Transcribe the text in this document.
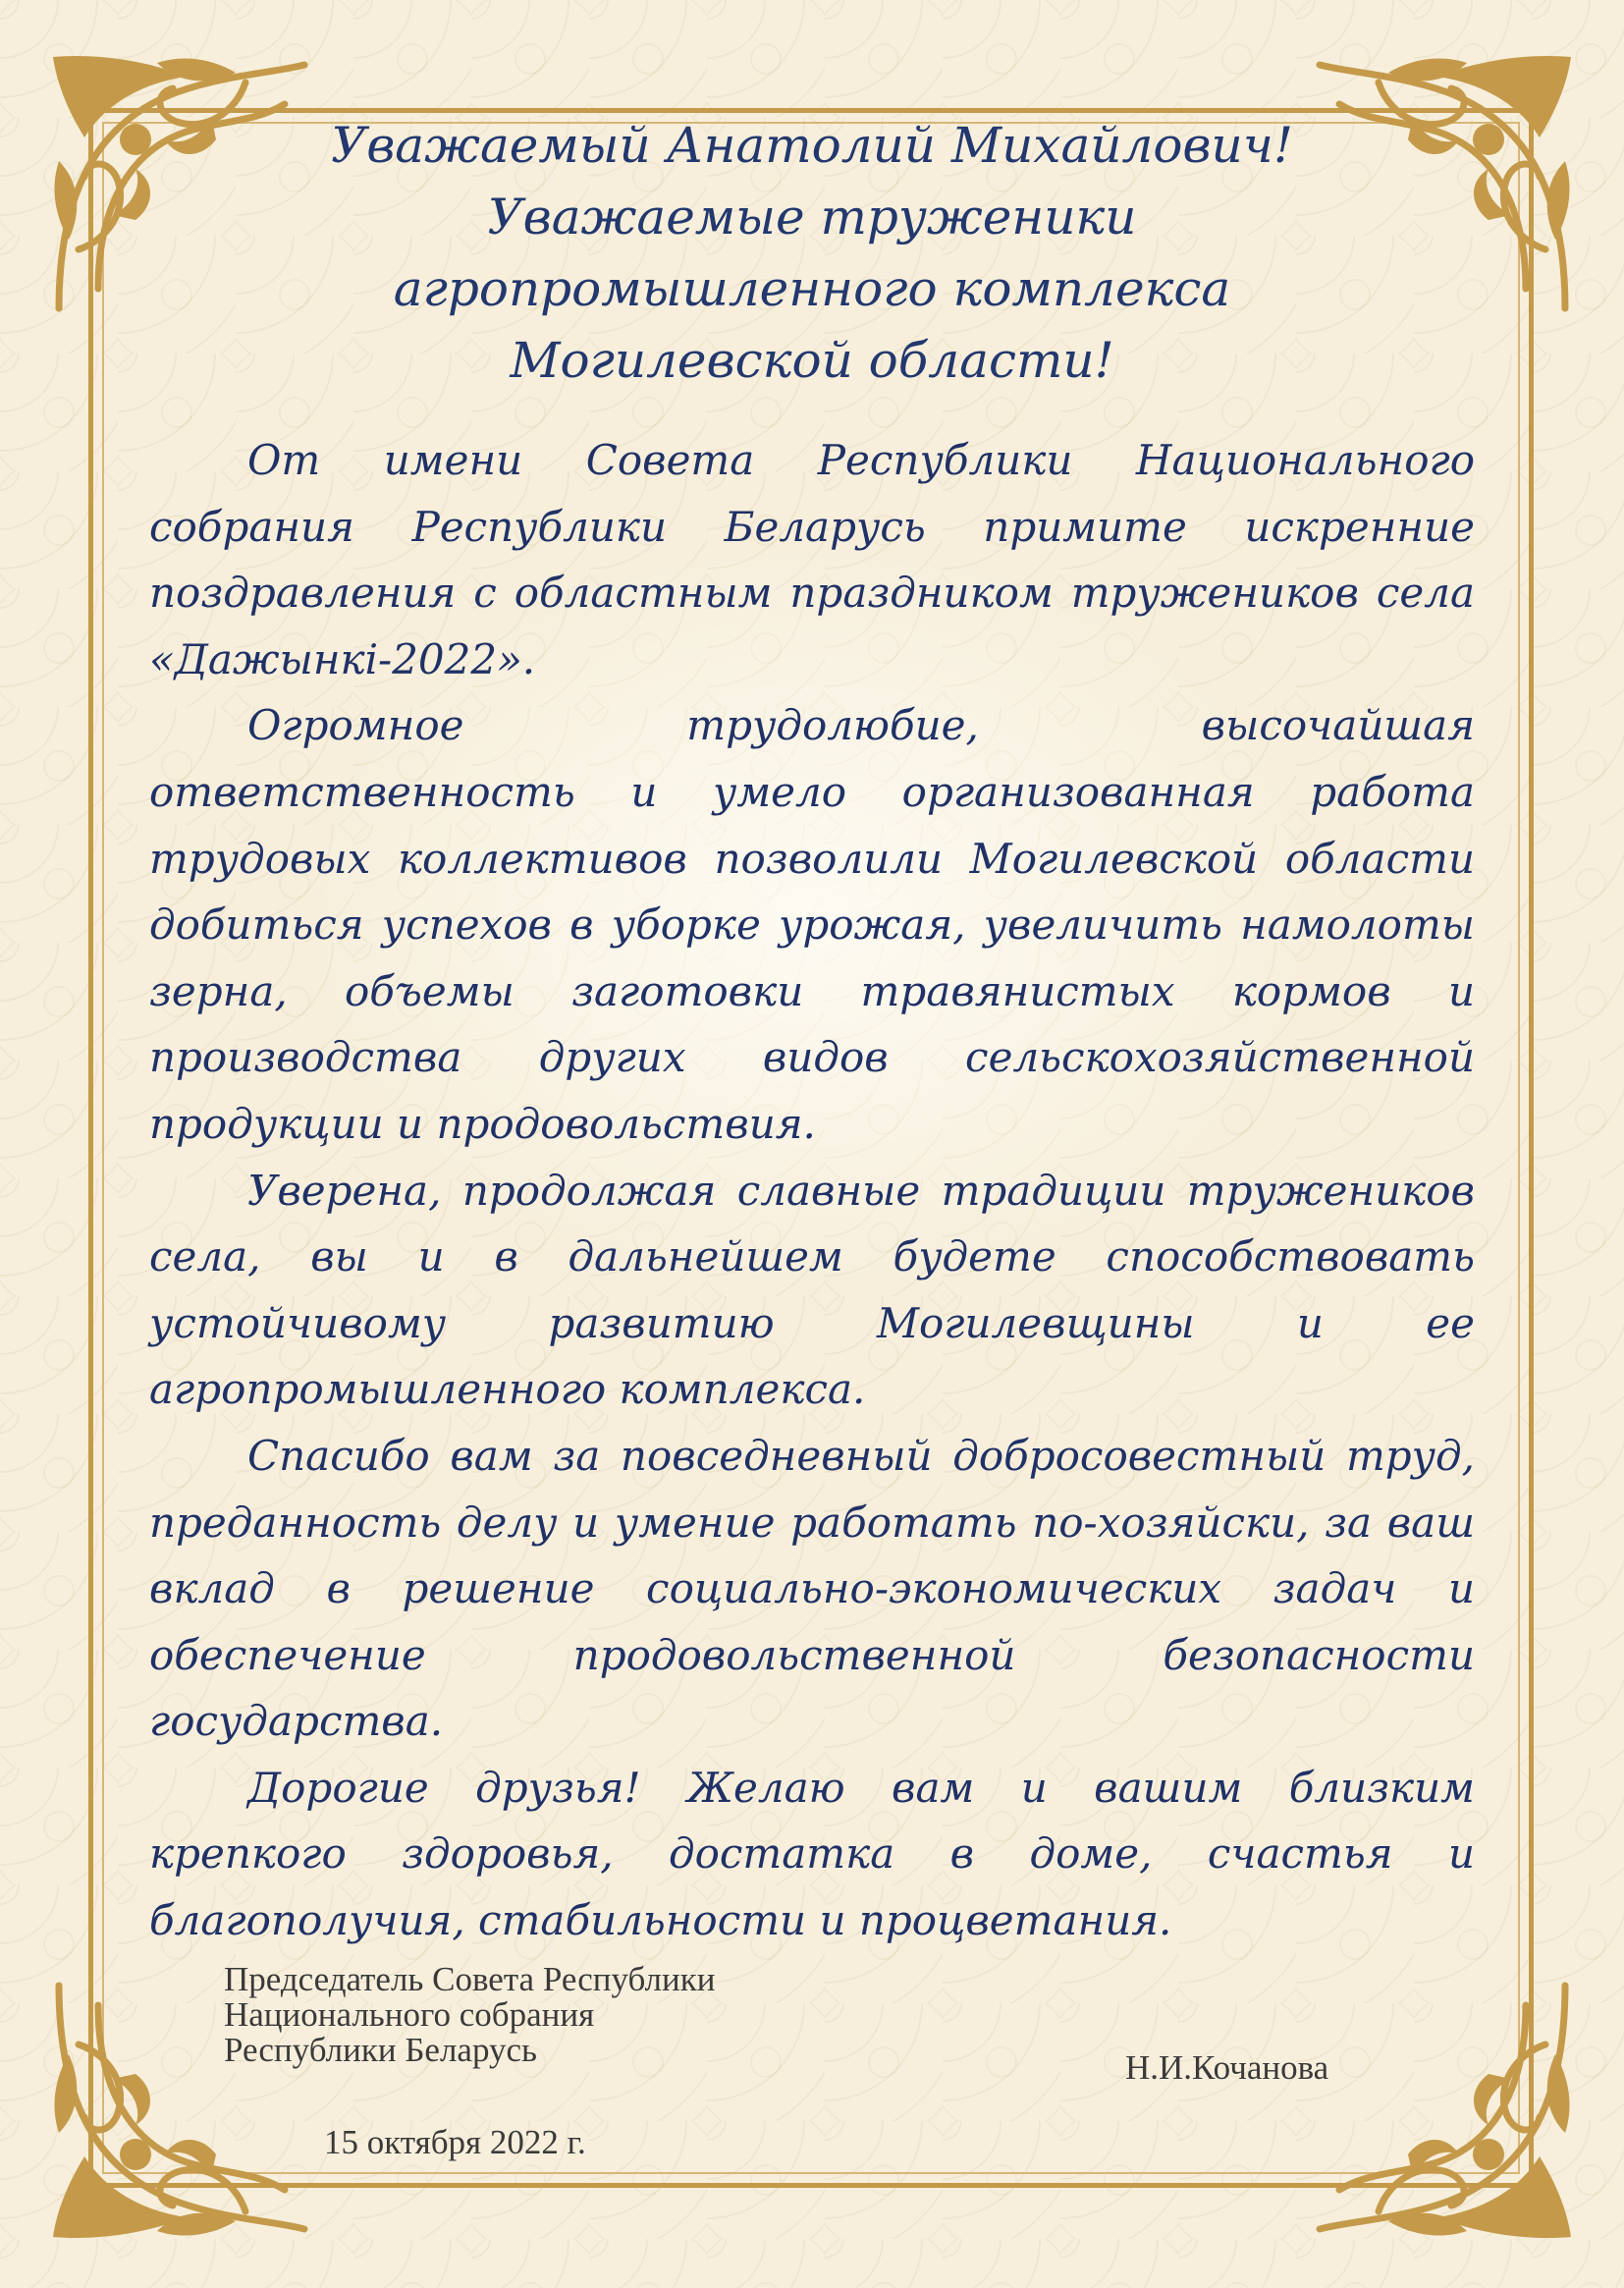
Уважаемый Анатолий Михайлович!
Уважаемые труженики
агропромышленного комплекса
Могилевской области!

От имени Совета Республики Национального собрания Республики Беларусь примите искренние поздравления с областным праздником тружеников села «Дажынкі-2022».

Огромное трудолюбие, высочайшая ответственность и умело организованная работа трудовых коллективов позволили Могилевской области добиться успехов в уборке урожая, увеличить намолоты зерна, объемы заготовки травянистых кормов и производства других видов сельскохозяйственной продукции и продовольствия.

Уверена, продолжая славные традиции тружеников села, вы и в дальнейшем будете способствовать устойчивому развитию Могилевщины и ее агропромышленного комплекса.

Спасибо вам за повседневный добросовестный труд, преданность делу и умение работать по-хозяйски, за ваш вклад в решение социально-экономических задач и обеспечение продовольственной безопасности государства.

Дорогие друзья! Желаю вам и вашим близким крепкого здоровья, достатка в доме, счастья и благополучия, стабильности и процветания.

Председатель Совета Республики
Национального собрания
Республики Беларусь	Н.И.Кочанова
15 октября 2022 г.
